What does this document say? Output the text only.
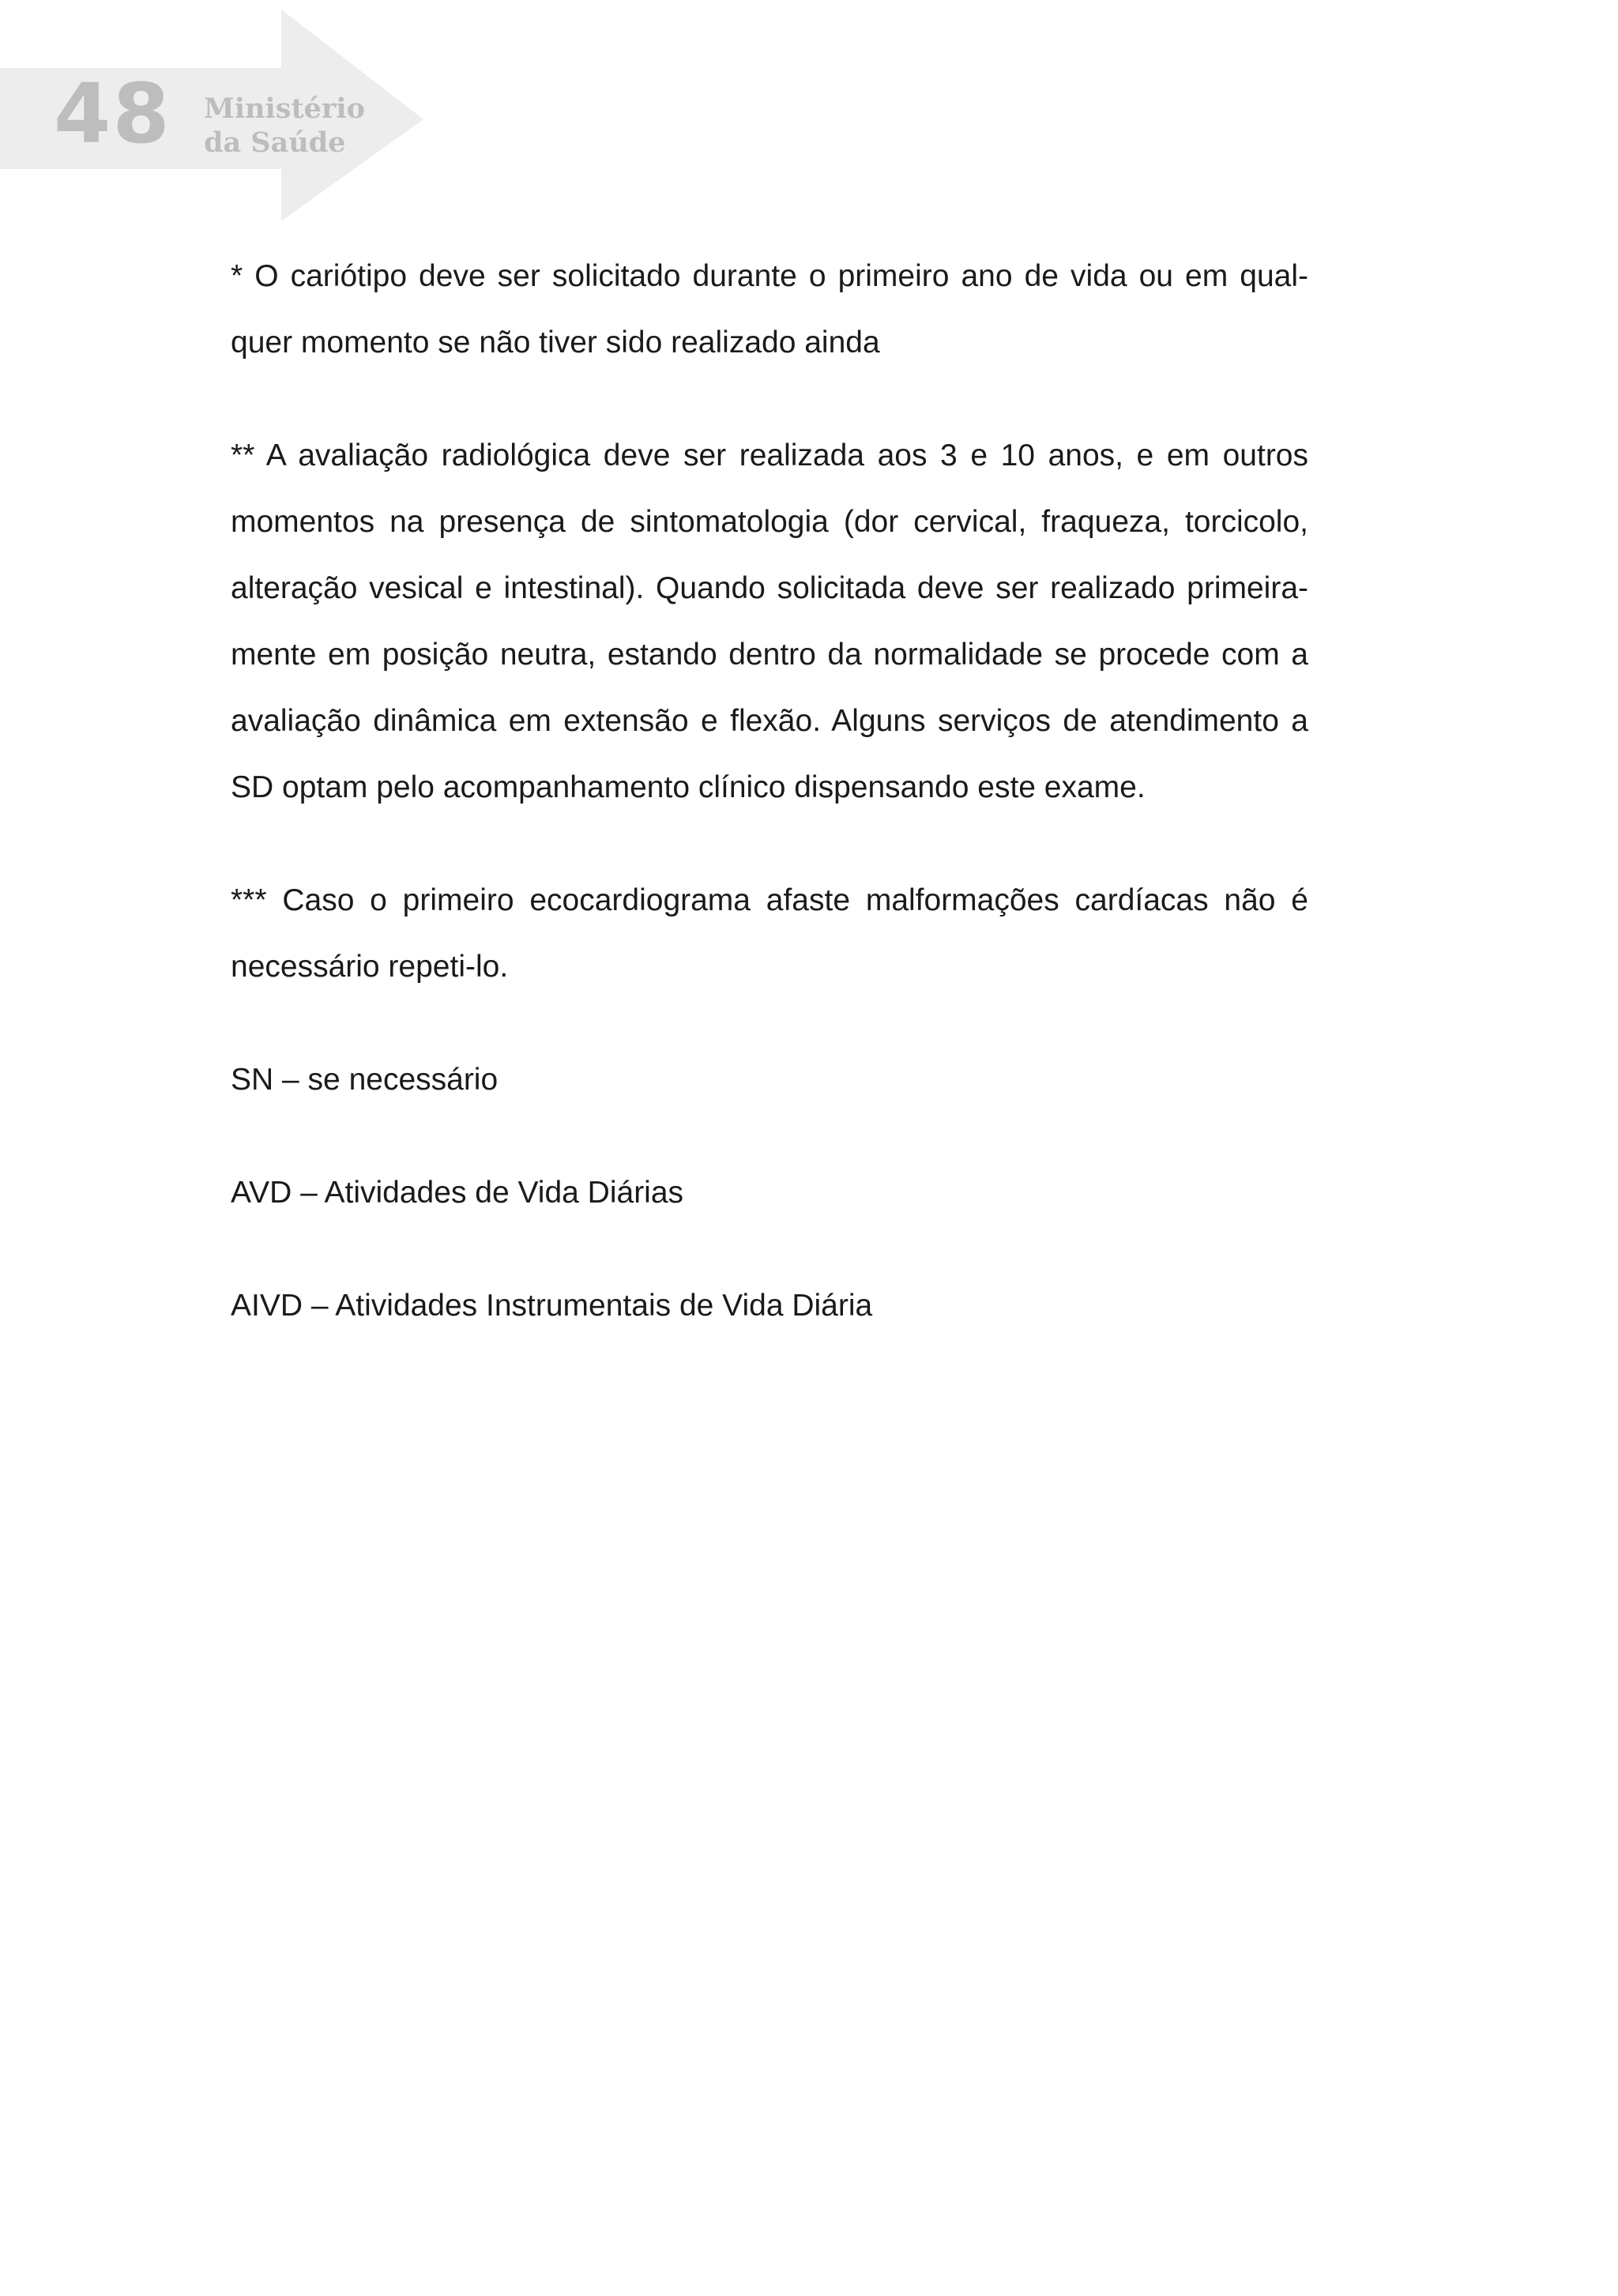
48 Ministério
da Saúde

* O cariótipo deve ser solicitado durante o primeiro ano de vida ou em qual-quer momento se não tiver sido realizado ainda

** A avaliação radiológica deve ser realizada aos 3 e 10 anos, e em outros momentos na presença de sintomatologia (dor cervical, fraqueza, torcicolo, alteração vesical e intestinal). Quando solicitada deve ser realizado primeira-mente em posição neutra, estando dentro da normalidade se procede com a avaliação dinâmica em extensão e flexão. Alguns serviços de atendimento a SD optam pelo acompanhamento clínico dispensando este exame.

*** Caso o primeiro ecocardiograma afaste malformações cardíacas não é necessário repeti-lo.

SN – se necessário

AVD – Atividades de Vida Diárias

AIVD – Atividades Instrumentais de Vida Diária
